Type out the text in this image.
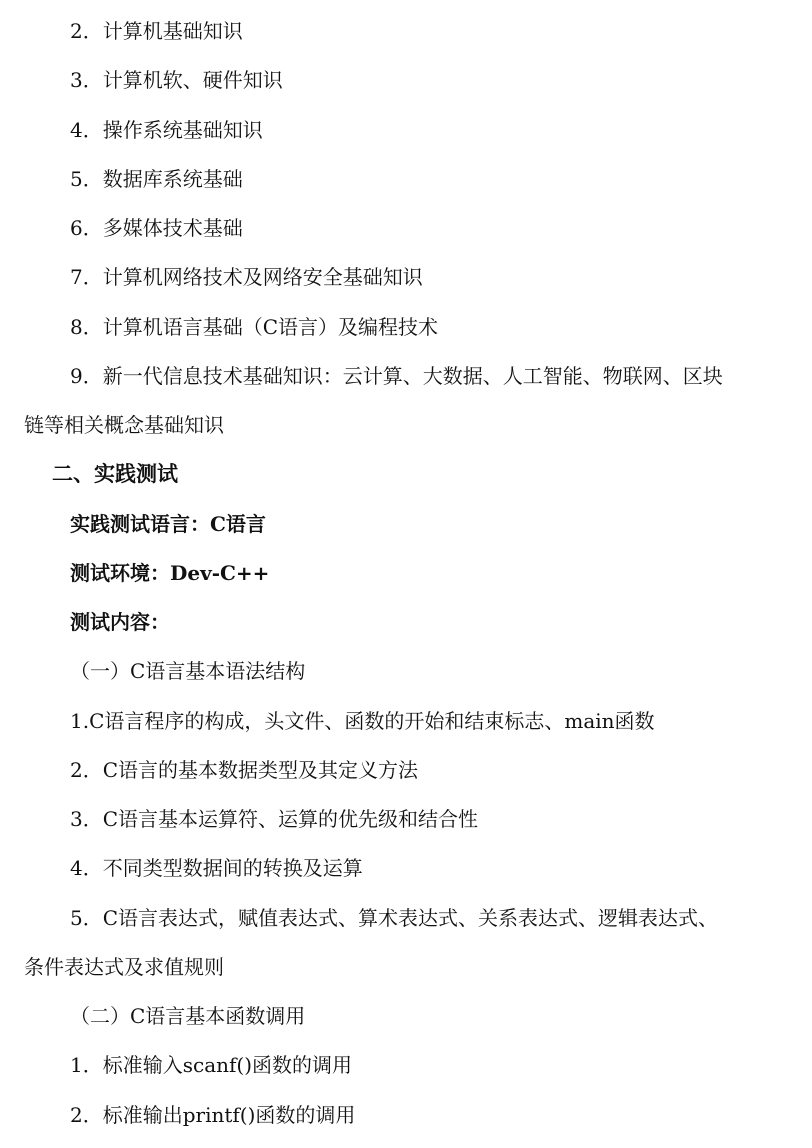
2．计算机基础知识
3．计算机软、硬件知识
4．操作系统基础知识
5．数据库系统基础
6．多媒体技术基础
7．计算机网络技术及网络安全基础知识
8．计算机语言基础（C语言）及编程技术
9．新一代信息技术基础知识：云计算、大数据、人工智能、物联网、区块
链等相关概念基础知识
二、实践测试
实践测试语言：C语言
测试环境：Dev-C++
测试内容：
（一）C语言基本语法结构
1.C语言程序的构成，头文件、函数的开始和结束标志、main函数
2．C语言的基本数据类型及其定义方法
3．C语言基本运算符、运算的优先级和结合性
4．不同类型数据间的转换及运算
5．C语言表达式，赋值表达式、算术表达式、关系表达式、逻辑表达式、
条件表达式及求值规则
（二）C语言基本函数调用
1．标准输入scanf()函数的调用
2．标准输出printf()函数的调用
